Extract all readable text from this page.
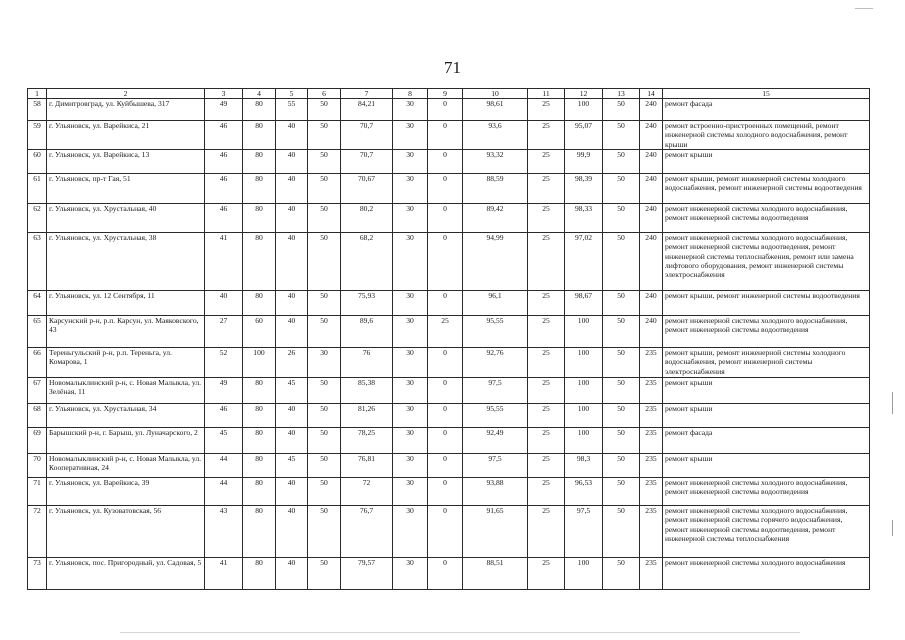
71
1	2	3	4	5	6	7	8	9	10	11	12	13	14	15
58	г. Димитровград, ул. Куйбышева, 317	49	80	55	50	84,21	30	0	98,61	25	100	50	240	ремонт фасада
59	г. Ульяновск, ул. Варейкиса, 21	46	80	40	50	70,7	30	0	93,6	25	95,07	50	240	ремонт встроенно-пристроенных помещений, ремонт инженерной системы холодного водоснабжения, ремонт крыши
60	г. Ульяновск, ул. Варейкиса, 13	46	80	40	50	70,7	30	0	93,32	25	99,9	50	240	ремонт крыши
61	г. Ульяновск, пр-т Гая, 51	46	80	40	50	70,67	30	0	88,59	25	98,39	50	240	ремонт крыши, ремонт инженерной системы холодного водоснабжения, ремонт инженерной системы водоотведения
62	г. Ульяновск, ул. Хрустальная, 40	46	80	40	50	80,2	30	0	89,42	25	98,33	50	240	ремонт инженерной системы холодного водоснабжения, ремонт инженерной системы водоотведения
63	г. Ульяновск, ул. Хрустальная, 38	41	80	40	50	68,2	30	0	94,99	25	97,02	50	240	ремонт инженерной системы холодного водоснабжения, ремонт инженерной системы водоотведения, ремонт инженерной системы теплоснабжения, ремонт или замена лифтового оборудования, ремонт инженерной системы электроснабжения
64	г. Ульяновск, ул. 12 Сентября, 11	40	80	40	50	75,93	30	0	96,1	25	98,67	50	240	ремонт крыши, ремонт инженерной системы водоотведения
65	Карсунский р-н, р.п. Карсун, ул. Маяковского, 43	27	60	40	50	89,6	30	25	95,55	25	100	50	240	ремонт инженерной системы холодного водоснабжения, ремонт инженерной системы водоотведения
66	Тереньгульский р-н, р.п. Тереньга, ул. Комарова, 1	52	100	26	30	76	30	0	92,76	25	100	50	235	ремонт крыши, ремонт инженерной системы холодного водоснабжения, ремонт инженерной системы электроснабжения
67	Новомалыклинский р-н, с. Новая Малыкла, ул. Зелёная, 11	49	80	45	50	85,38	30	0	97,5	25	100	50	235	ремонт крыши
68	г. Ульяновск, ул. Хрустальная, 34	46	80	40	50	81,26	30	0	95,55	25	100	50	235	ремонт крыши
69	Барышский р-н, г. Барыш, ул. Луначарского, 2	45	80	40	50	78,25	30	0	92,49	25	100	50	235	ремонт фасада
70	Новомалыклинский р-н, с. Новая Малыкла, ул. Кооперативная, 24	44	80	45	50	76,81	30	0	97,5	25	98,3	50	235	ремонт крыши
71	г. Ульяновск, ул. Варейкиса, 39	44	80	40	50	72	30	0	93,88	25	96,53	50	235	ремонт инженерной системы холодного водоснабжения, ремонт инженерной системы водоотведения
72	г. Ульяновск, ул. Кузоватовская, 56	43	80	40	50	76,7	30	0	91,65	25	97,5	50	235	ремонт инженерной системы холодного водоснабжения, ремонт инженерной системы горячего водоснабжения, ремонт инженерной системы водоотведения, ремонт инженерной системы теплоснабжения
73	г. Ульяновск, пос. Пригородный, ул. Садовая, 5	41	80	40	50	79,57	30	0	88,51	25	100	50	235	ремонт инженерной системы холодного водоснабжения
